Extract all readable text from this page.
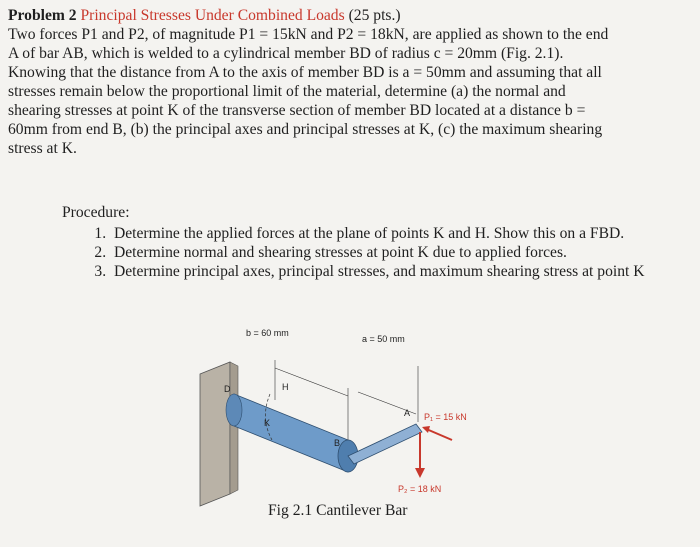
Problem 2 Principal Stresses Under Combined Loads (25 pts.)
Two forces P1 and P2, of magnitude P1 = 15kN and P2 = 18kN, are applied as shown to the end
A of bar AB, which is welded to a cylindrical member BD of radius c = 20mm (Fig. 2.1).
Knowing that the distance from A to the axis of member BD is a = 50mm and assuming that all
stresses remain below the proportional limit of the material, determine (a) the normal and
shearing stresses at point K of the transverse section of member BD located at a distance b =
60mm from end B, (b) the principal axes and principal stresses at K, (c) the maximum shearing
stress at K.
Procedure:
1. Determine the applied forces at the plane of points K and H. Show this on a FBD.
2. Determine normal and shearing stresses at point K due to applied forces.
3. Determine principal axes, principal stresses, and maximum shearing stress at point K
b = 60 mm
a = 50 mm
D	H
K
B
A P₁ = 15 kN
P₂ = 18 kN
Fig 2.1 Cantilever Bar
